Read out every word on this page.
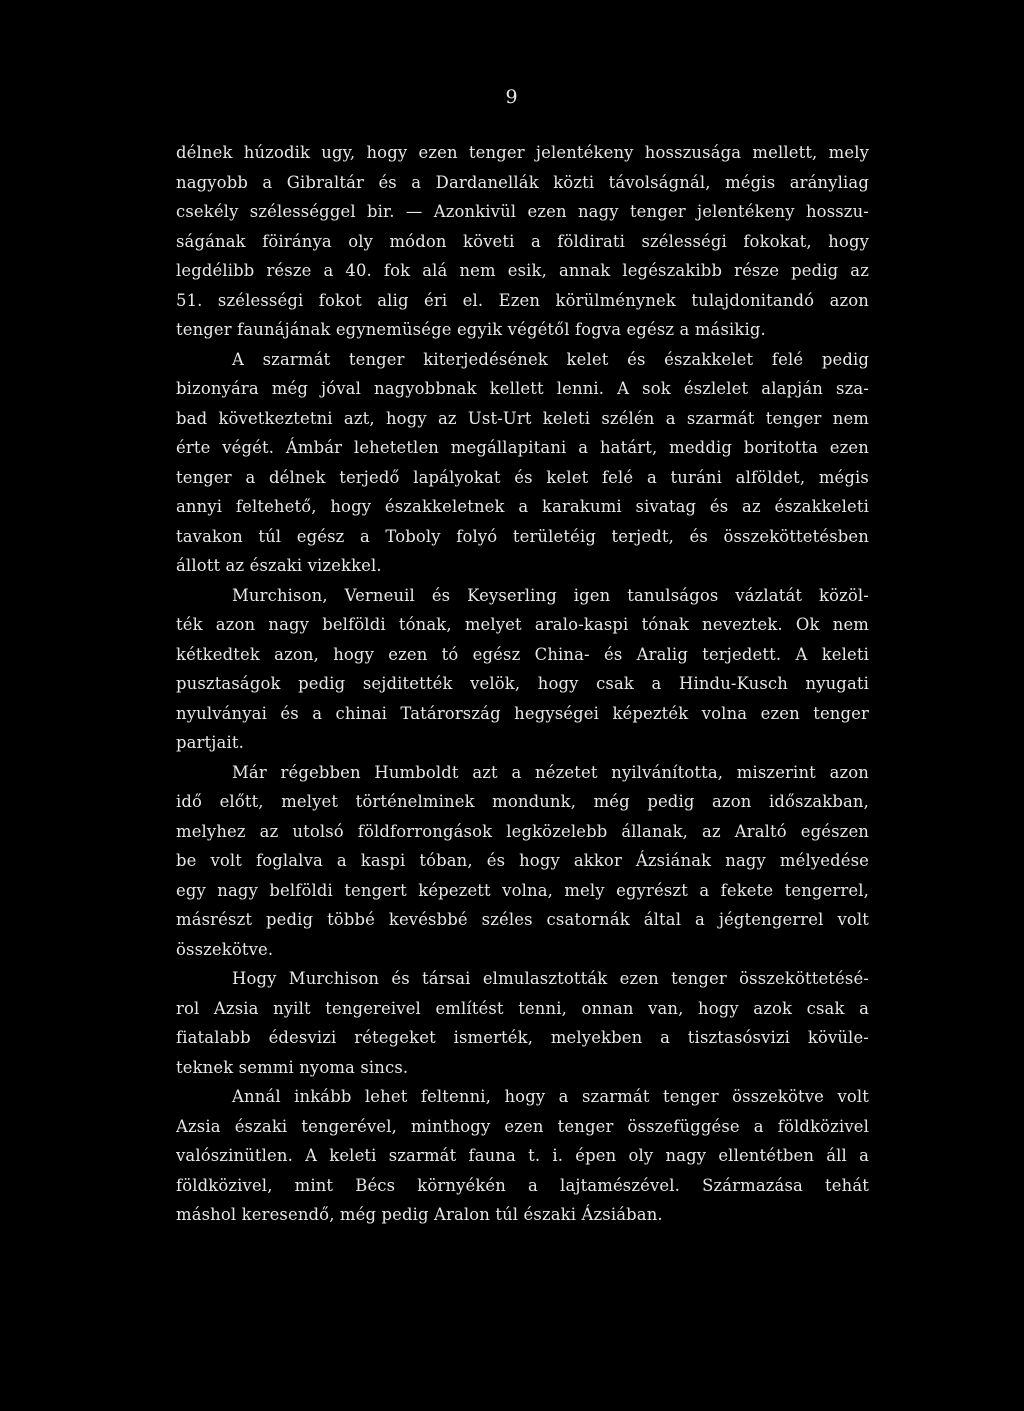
9
délnek húzodik ugy, hogy ezen tenger jelentékeny hosszusága mellett, mely
nagyobb a Gibraltár és a Dardanellák közti távolságnál, mégis arányliag
csekély szélességgel bir. — Azonkivül ezen nagy tenger jelentékeny hosszu-
ságának föiránya oly módon követi a földirati szélességi fokokat, hogy
legdélibb része a 40. fok alá nem esik, annak legészakibb része pedig az
51. szélességi fokot alig éri el. Ezen körülménynek tulajdonitandó azon
tenger faunájának egynemüsége egyik végétől fogva egész a másikig.
A szarmát tenger kiterjedésének kelet és északkelet felé pedig
bizonyára még jóval nagyobbnak kellett lenni. A sok észlelet alapján sza-
bad következtetni azt, hogy az Ust-Urt keleti szélén a szarmát tenger nem
érte végét. Ámbár lehetetlen megállapitani a határt, meddig boritotta ezen
tenger a délnek terjedő lapályokat és kelet felé a turáni alföldet, mégis
annyi feltehető, hogy északkeletnek a karakumi sivatag és az északkeleti
tavakon túl egész a Toboly folyó területéig terjedt, és összeköttetésben
állott az északi vizekkel.
Murchison, Verneuil és Keyserling igen tanulságos vázlatát közöl-
ték azon nagy belföldi tónak, melyet aralo-kaspi tónak neveztek. Ok nem
kétkedtek azon, hogy ezen tó egész China- és Aralig terjedett. A keleti
pusztaságok pedig sejditették velök, hogy csak a Hindu-Kusch nyugati
nyulványai és a chinai Tatárország hegységei képezték volna ezen tenger
partjait.
Már régebben Humboldt azt a nézetet nyilvánította, miszerint azon
idő előtt, melyet történelminek mondunk, még pedig azon időszakban,
melyhez az utolsó földforrongások legközelebb állanak, az Araltó egészen
be volt foglalva a kaspi tóban, és hogy akkor Ázsiának nagy mélyedése
egy nagy belföldi tengert képezett volna, mely egyrészt a fekete tengerrel,
másrészt pedig többé kevésbbé széles csatornák által a jégtengerrel volt
összekötve.
Hogy Murchison és társai elmulasztották ezen tenger összeköttetésé-
rol Azsia nyilt tengereivel említést tenni, onnan van, hogy azok csak a
fiatalabb édesvizi rétegeket ismerték, melyekben a tisztasósvizi kövüle-
teknek semmi nyoma sincs.
Annál inkább lehet feltenni, hogy a szarmát tenger összekötve volt
Azsia északi tengerével, minthogy ezen tenger összefüggése a földközivel
valószinütlen. A keleti szarmát fauna t. i. épen oly nagy ellentétben áll a
földközivel, mint Bécs környékén a lajtamészével. Származása tehát
máshol keresendő, még pedig Aralon túl északi Ázsiában.
